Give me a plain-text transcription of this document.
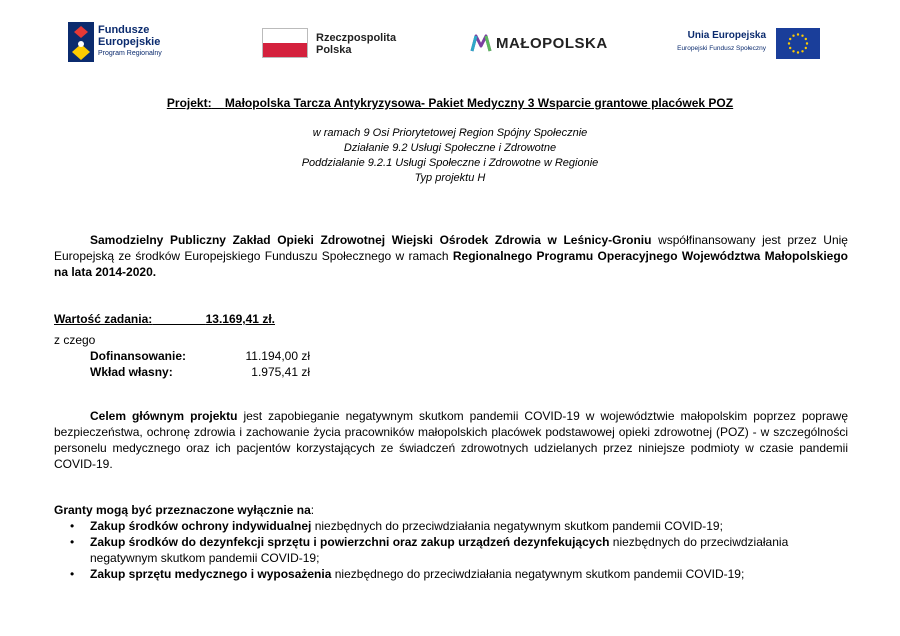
Fundusze
Europejskie
Program Regionalny
Rzeczpospolita
Polska	MAŁOPOLSKA	Unia Europejska
Europejski Fundusz Społeczny
Projekt: Małopolska Tarcza Antykryzysowa- Pakiet Medyczny 3 Wsparcie grantowe placówek POZ
w ramach 9 Osi Priorytetowej Region Spójny Społecznie
Działanie 9.2 Usługi Społeczne i Zdrowotne
Poddziałanie 9.2.1 Usługi Społeczne i Zdrowotne w Regionie
Typ projektu H
Samodzielny Publiczny Zakład Opieki Zdrowotnej Wiejski Ośrodek Zdrowia w Leśnicy-Groniu współfinansowany jest przez Unię Europejską ze środków Europejskiego Funduszu Społecznego w ramach Regionalnego Programu Operacyjnego Województwa Małopolskiego na lata 2014-2020.
Wartość zadania:	13.169,41 zł.
z czego
Dofinansowanie:	11.194,00 zł
Wkład własny:	1.975,41 zł
Celem głównym projektu jest zapobieganie negatywnym skutkom pandemii COVID-19 w województwie małopolskim poprzez poprawę bezpieczeństwa, ochronę zdrowia i zachowanie życia pracowników małopolskich placówek podstawowej opieki zdrowotnej (POZ) - w szczególności personelu medycznego oraz ich pacjentów korzystających ze świadczeń zdrowotnych udzielanych przez niniejsze podmioty w czasie pandemii COVID-19.
Granty mogą być przeznaczone wyłącznie na:
• Zakup środków ochrony indywidualnej niezbędnych do przeciwdziałania negatywnym skutkom pandemii COVID-19;
• Zakup środków do dezynfekcji sprzętu i powierzchni oraz zakup urządzeń dezynfekujących niezbędnych do przeciwdziałania negatywnym skutkom pandemii COVID-19;
• Zakup sprzętu medycznego i wyposażenia niezbędnego do przeciwdziałania negatywnym skutkom pandemii COVID-19;
